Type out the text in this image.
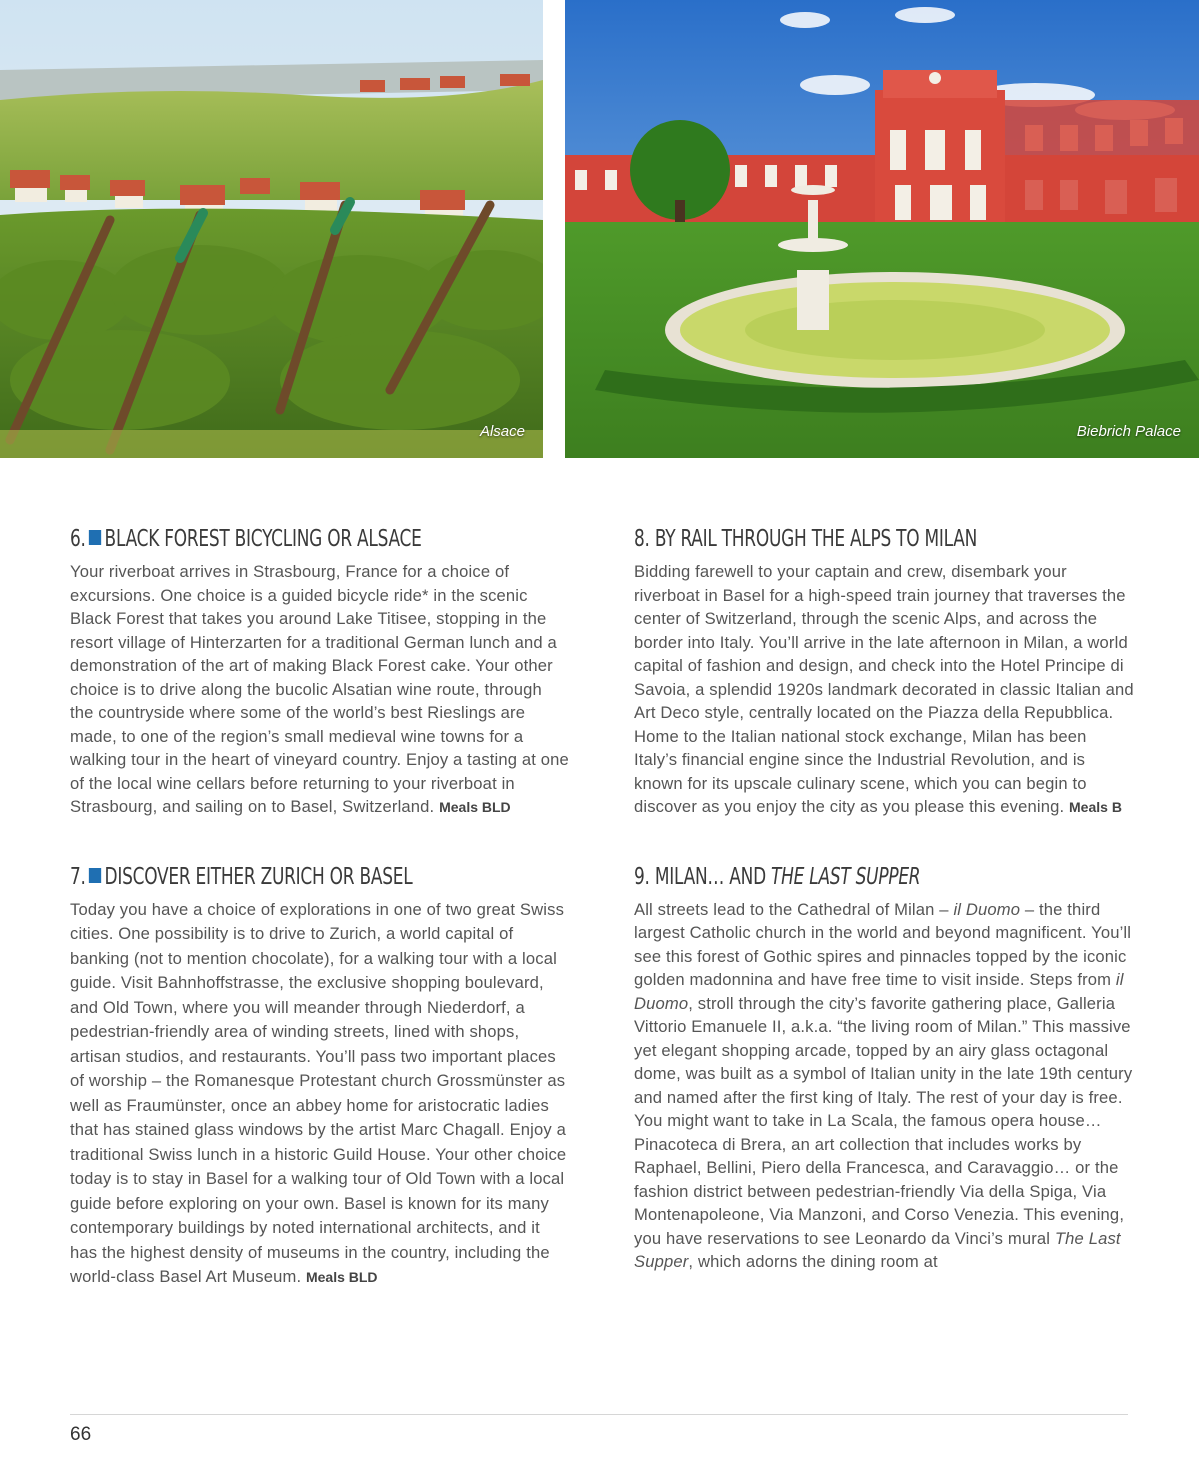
Alsace	Biebrich Palace
6. BLACK FOREST BICYCLING OR ALSACE

Your riverboat arrives in Strasbourg, France for a choice of excursions. One choice is a guided bicycle ride* in the scenic Black Forest that takes you around Lake Titisee, stopping in the resort village of Hinterzarten for a traditional German lunch and a demonstration of the art of making Black Forest cake. Your other choice is to drive along the bucolic Alsatian wine route, through the countryside where some of the world’s best Rieslings are made, to one of the region’s small medieval wine towns for a walking tour in the heart of vineyard country. Enjoy a tasting at one of the local wine cellars before returning to your riverboat in Strasbourg, and sailing on to Basel, Switzerland. Meals BLD

7. DISCOVER EITHER ZURICH OR BASEL

Today you have a choice of explorations in one of two great Swiss cities. One possibility is to drive to Zurich, a world capital of banking (not to mention chocolate), for a walking tour with a local guide. Visit Bahnhoffstrasse, the exclusive shopping boulevard, and Old Town, where you will meander through Niederdorf, a pedestrian-friendly area of winding streets, lined with shops, artisan studios, and restaurants. You’ll pass two important places of worship – the Romanesque Protestant church Grossmünster as well as Fraumünster, once an abbey home for aristocratic ladies that has stained glass windows by the artist Marc Chagall. Enjoy a traditional Swiss lunch in a historic Guild House. Your other choice today is to stay in Basel for a walking tour of Old Town with a local guide before exploring on your own. Basel is known for its many contemporary buildings by noted international architects, and it has the highest density of museums in the country, including the world-class Basel Art Museum. Meals BLD

8. BY RAIL THROUGH THE ALPS TO MILAN

Bidding farewell to your captain and crew, disembark your riverboat in Basel for a high-speed train journey that traverses the center of Switzerland, through the scenic Alps, and across the border into Italy. You’ll arrive in the late afternoon in Milan, a world capital of fashion and design, and check into the Hotel Principe di Savoia, a splendid 1920s landmark decorated in classic Italian and Art Deco style, centrally located on the Piazza della Repubblica. Home to the Italian national stock exchange, Milan has been Italy’s financial engine since the Industrial Revolution, and is known for its upscale culinary scene, which you can begin to discover as you enjoy the city as you please this evening. Meals B

9. MILAN… AND THE LAST SUPPER

All streets lead to the Cathedral of Milan – il Duomo – the third largest Catholic church in the world and beyond magnificent. You’ll see this forest of Gothic spires and pinnacles topped by the iconic golden madonnina and have free time to visit inside. Steps from il Duomo, stroll through the city’s favorite gathering place, Galleria Vittorio Emanuele II, a.k.a. “the living room of Milan.” This massive yet elegant shopping arcade, topped by an airy glass octagonal dome, was built as a symbol of Italian unity in the late 19th century and named after the first king of Italy. The rest of your day is free. You might want to take in La Scala, the famous opera house… Pinacoteca di Brera, an art collection that includes works by Raphael, Bellini, Piero della Francesca, and Caravaggio… or the fashion district between pedestrian-friendly Via della Spiga, Via Montenapoleone, Via Manzoni, and Corso Venezia. This evening, you have reservations to see Leonardo da Vinci’s mural The Last Supper, which adorns the dining room at

66
